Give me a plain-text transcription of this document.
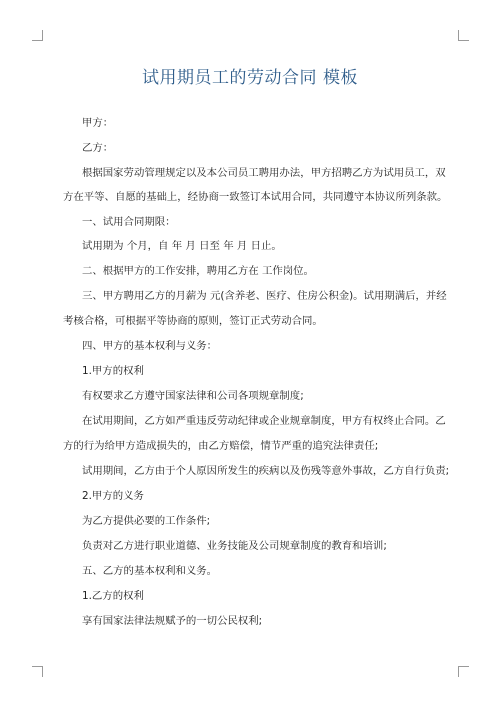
试用期员工的劳动合同 模板
甲方：
乙方：
根据国家劳动管理规定以及本公司员工聘用办法，甲方招聘乙方为试用员工，双
方在平等、自愿的基础上，经协商一致签订本试用合同，共同遵守本协议所列条款。
一、试用合同期限：
试用期为 个月，自 年 月 日至 年 月 日止。
二、根据甲方的工作安排，聘用乙方在 工作岗位。
三、甲方聘用乙方的月薪为 元(含养老、医疗、住房公积金)。试用期满后，并经
考核合格，可根据平等协商的原则，签订正式劳动合同。
四、甲方的基本权利与义务：
1.甲方的权利
有权要求乙方遵守国家法律和公司各项规章制度;
在试用期间，乙方如严重违反劳动纪律或企业规章制度，甲方有权终止合同。乙
方的行为给甲方造成损失的，由乙方赔偿，情节严重的追究法律责任;
试用期间，乙方由于个人原因所发生的疾病以及伤残等意外事故，乙方自行负责;
2.甲方的义务
为乙方提供必要的工作条件;
负责对乙方进行职业道德、业务技能及公司规章制度的教育和培训;
五、乙方的基本权利和义务。
1.乙方的权利
享有国家法律法规赋予的一切公民权利;
